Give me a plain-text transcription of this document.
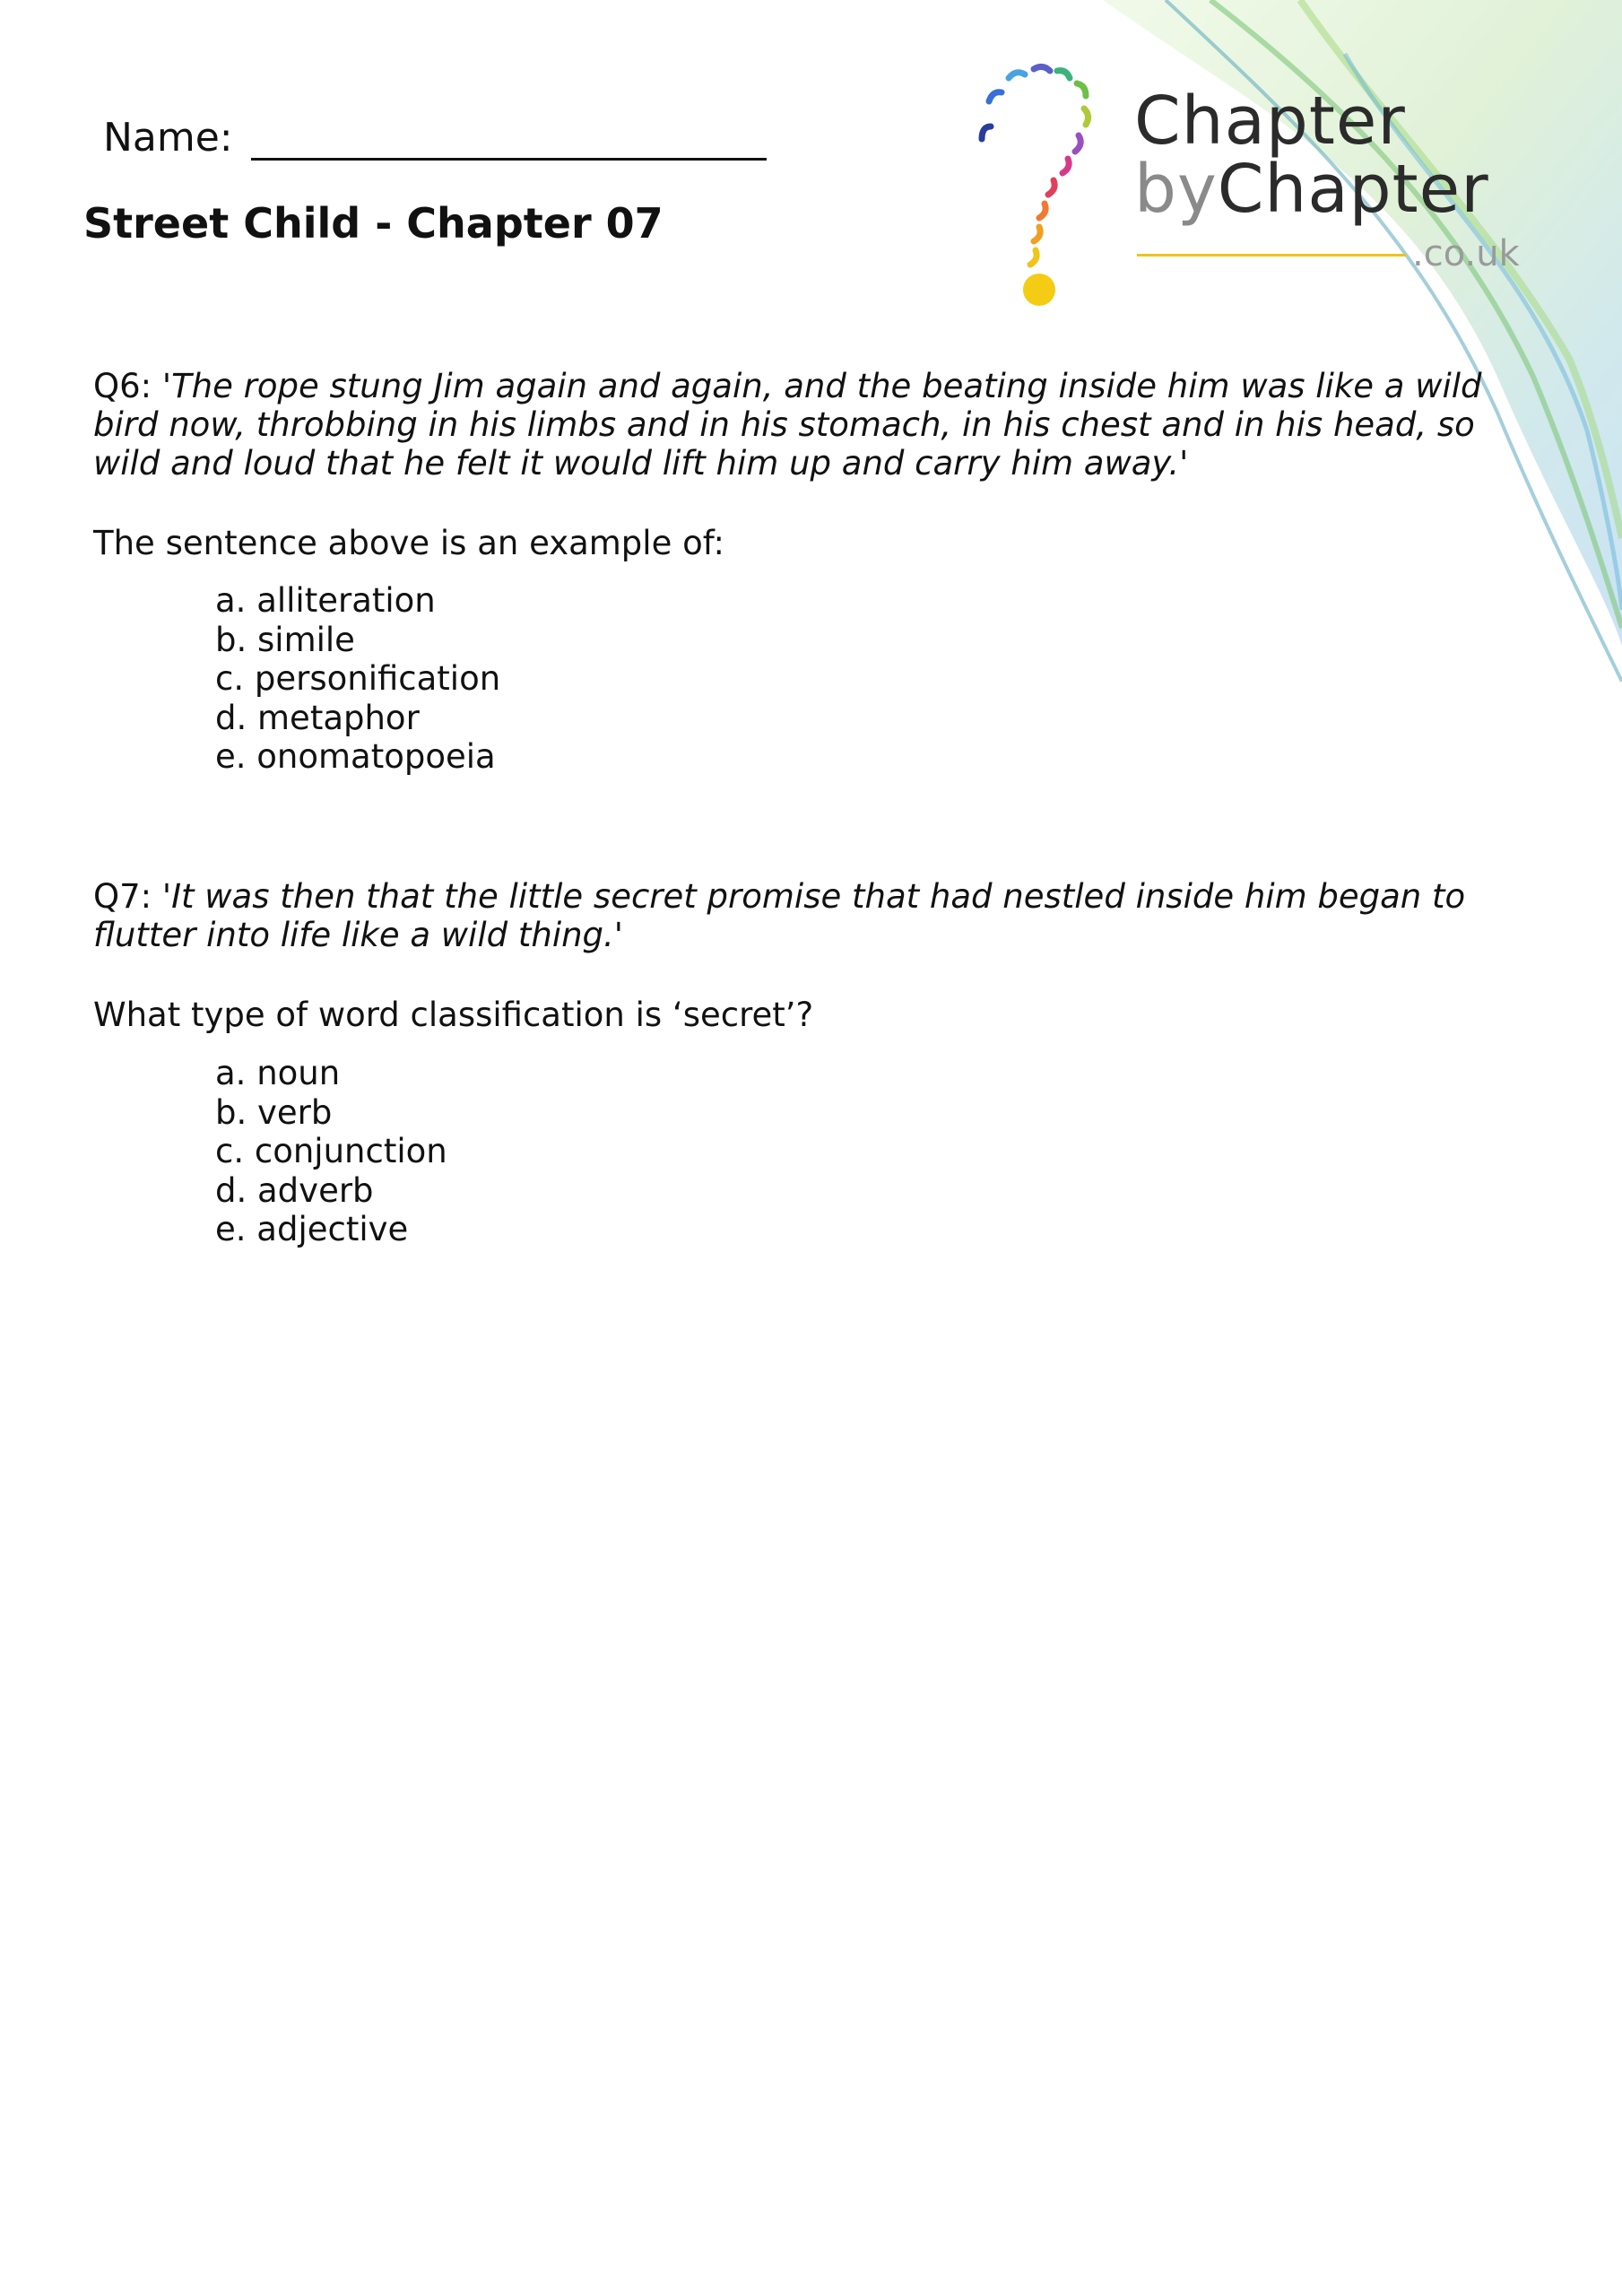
Chapter
byChapter
.co.uk
Name:
Street Child - Chapter 07
Q6: 'The rope stung Jim again and again, and the beating inside him was like a wild bird now, throbbing in his limbs and in his stomach, in his chest and in his head, so wild and loud that he felt it would lift him up and carry him away.'
The sentence above is an example of:
a. alliteration
b. simile
c. personification
d. metaphor
e. onomatopoeia
Q7: 'It was then that the little secret promise that had nestled inside him began to flutter into life like a wild thing.'
What type of word classification is ‘secret’?
a. noun
b. verb
c. conjunction
d. adverb
e. adjective
